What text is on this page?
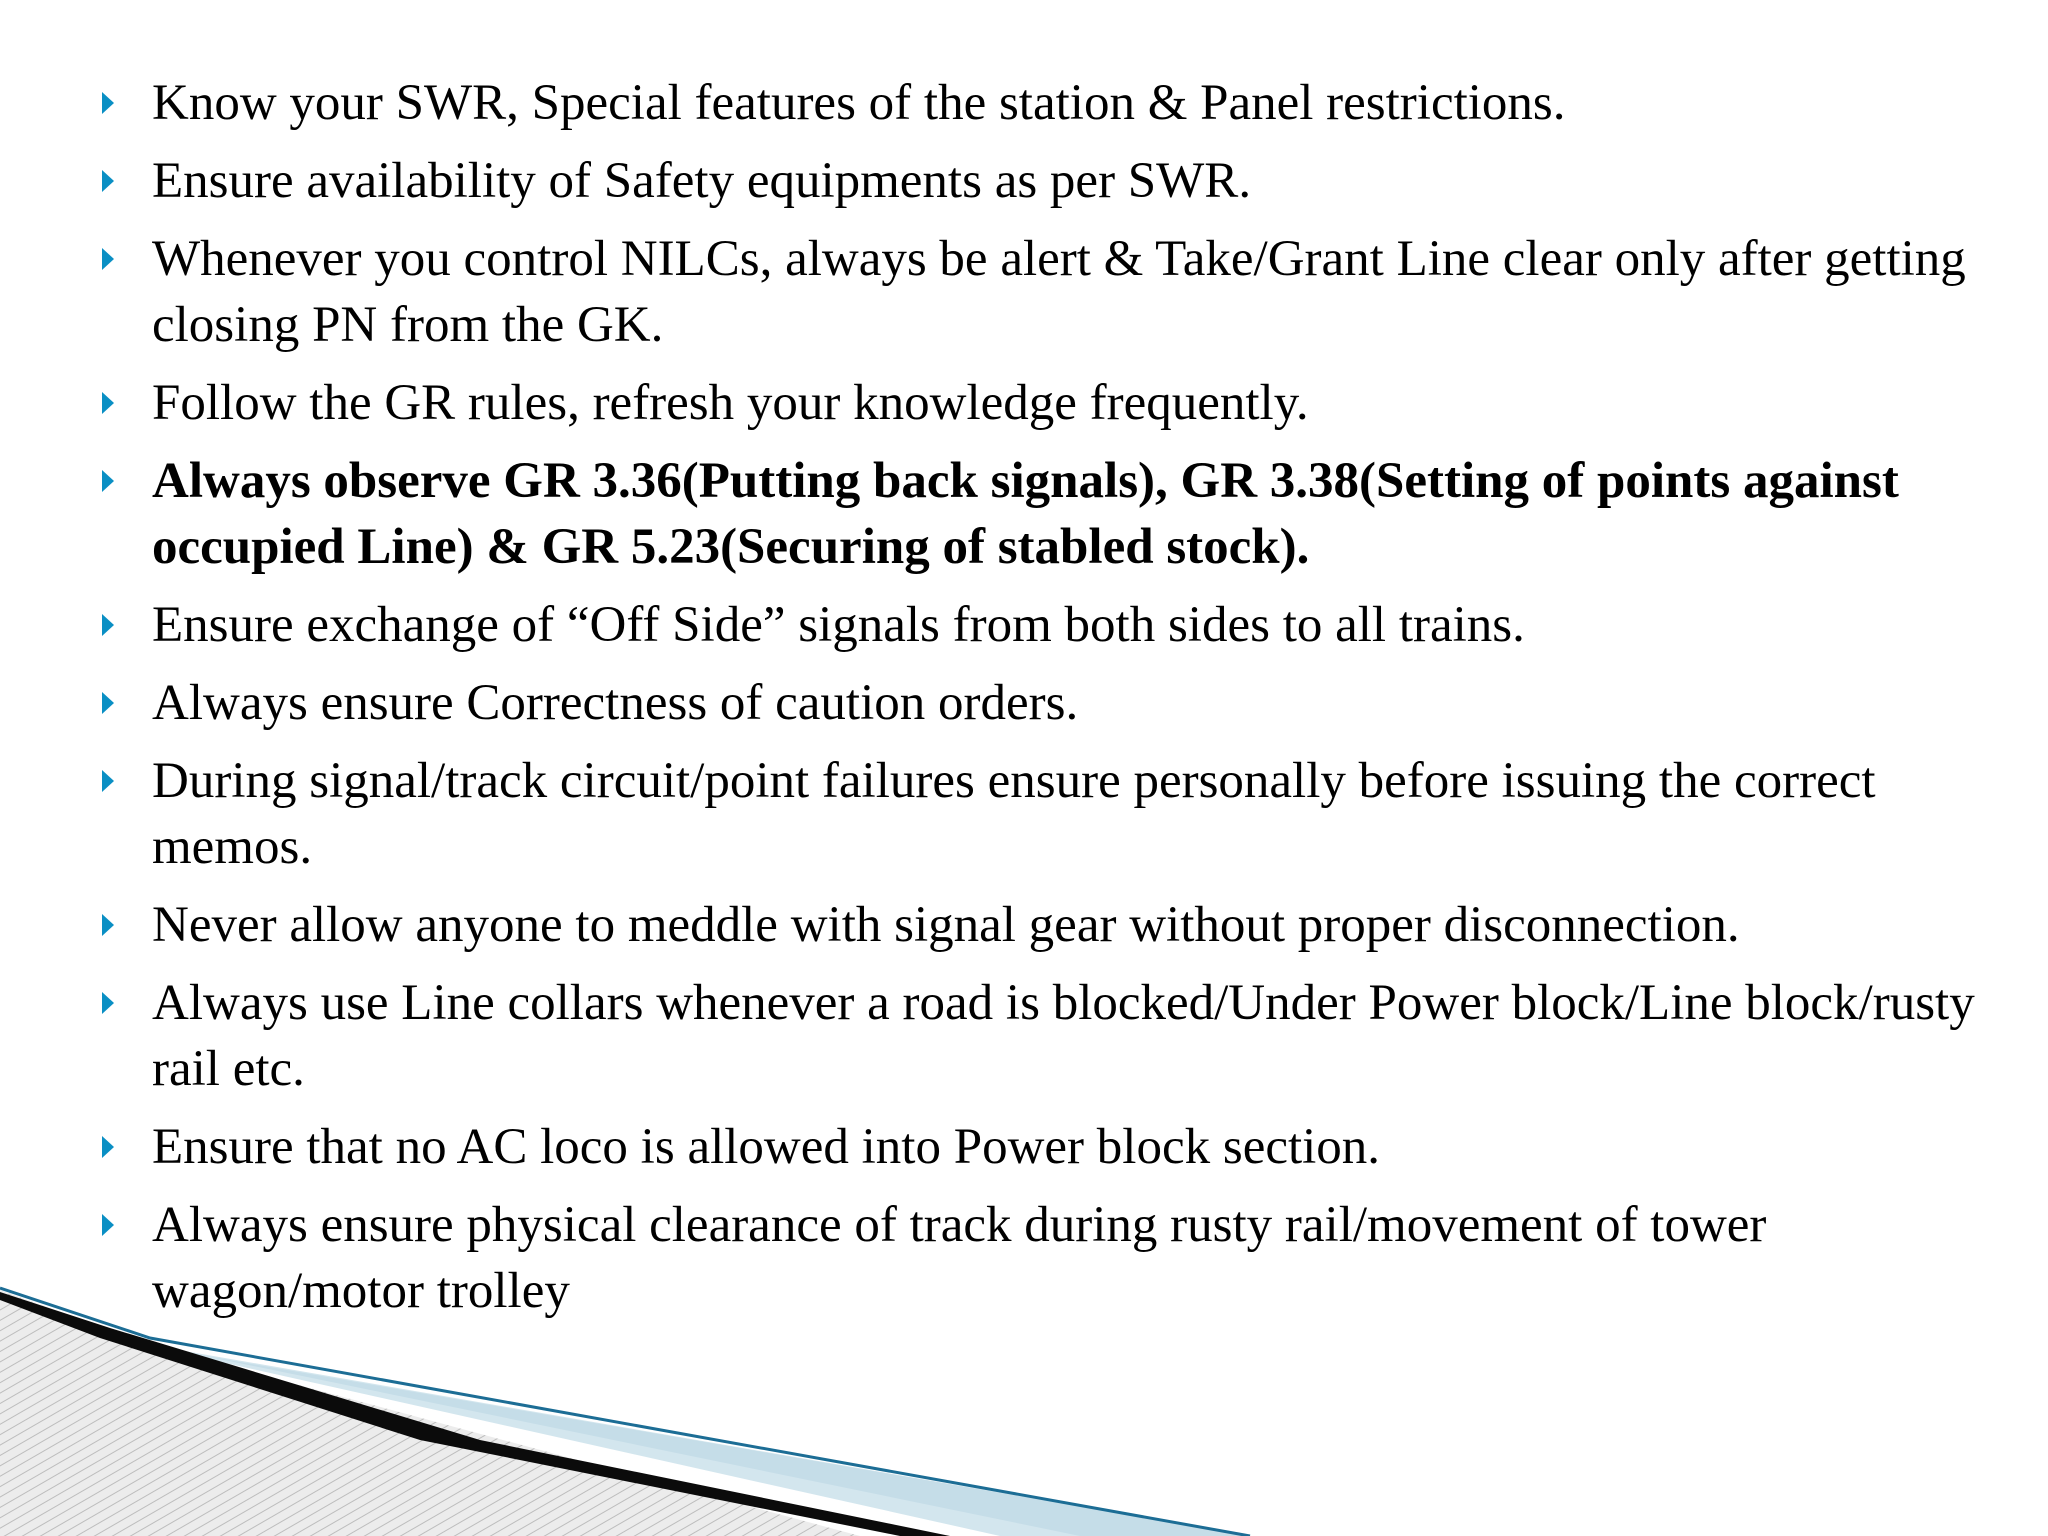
Know your SWR, Special features of the station & Panel restrictions.
Ensure availability of Safety equipments as per SWR.
Whenever you control NILCs, always be alert & Take/Grant Line clear only after getting closing PN from the GK.
Follow the GR rules, refresh your knowledge frequently.
Always observe GR 3.36(Putting back signals), GR 3.38(Setting of points against occupied Line) & GR 5.23(Securing of stabled stock).
Ensure exchange of “Off Side” signals from both sides to all trains.
Always ensure Correctness of caution orders.
During signal/track circuit/point failures ensure personally before issuing the correct memos.
Never allow anyone to meddle with signal gear without proper disconnection.
Always use Line collars whenever a road is blocked/Under Power block/Line block/rusty rail etc.
Ensure that no AC loco is allowed into Power block section.
Always ensure physical clearance of track during rusty rail/movement of tower wagon/motor trolley
